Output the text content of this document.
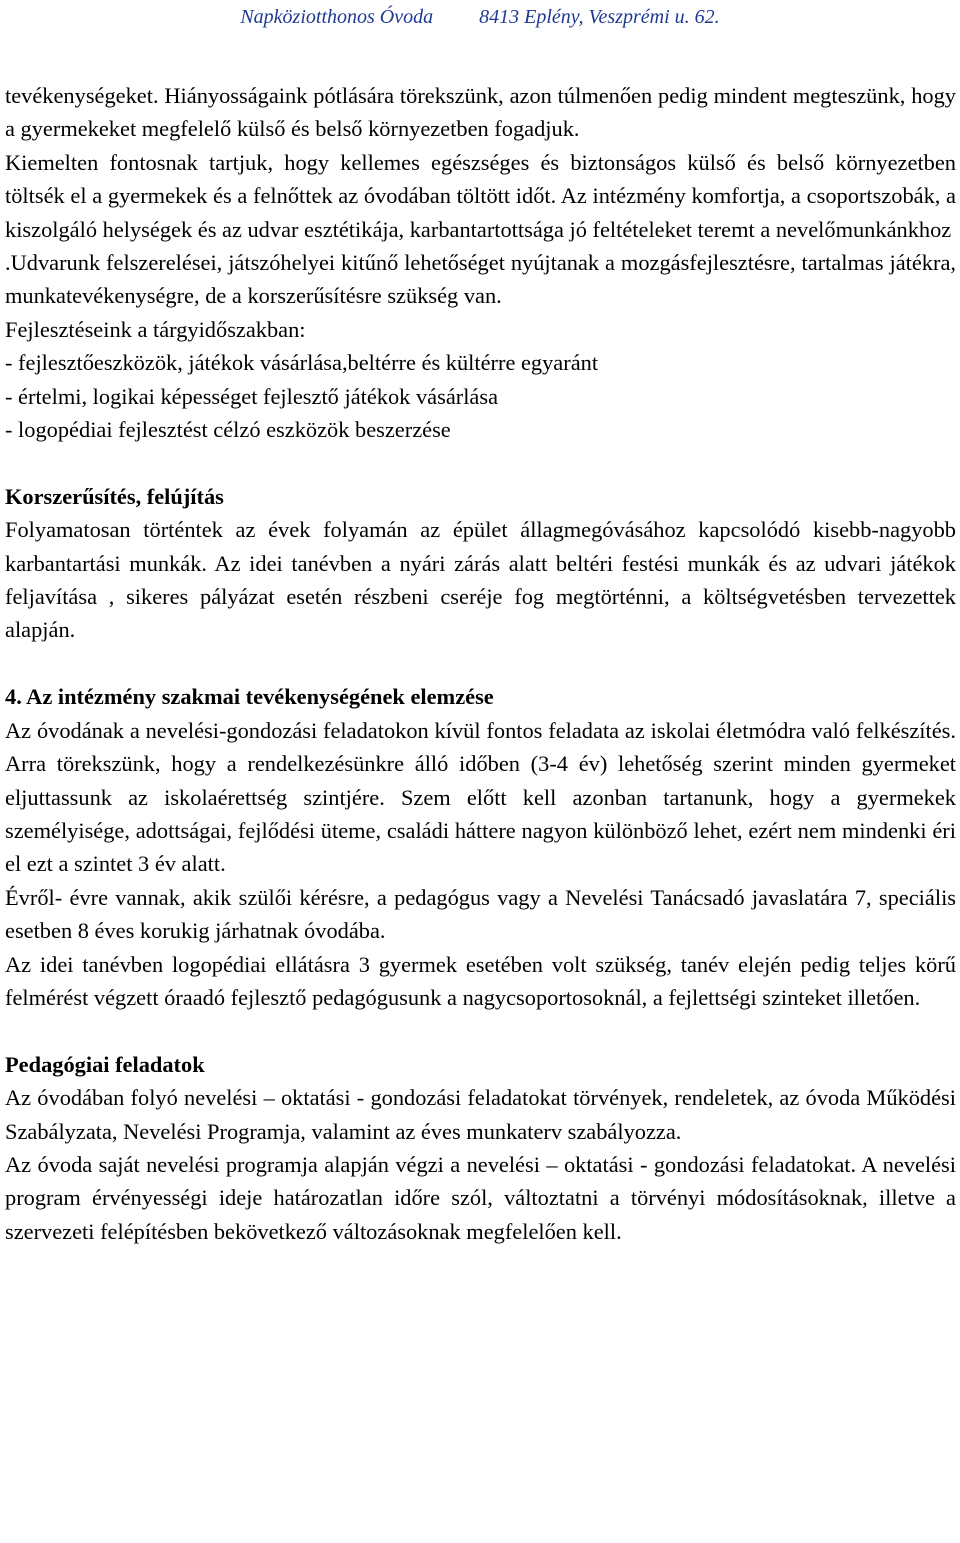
Napköziotthonos Óvoda 8413 Eplény, Veszprémi u. 62.

tevékenységeket. Hiányosságaink pótlására törekszünk, azon túlmenően pedig mindent megteszünk, hogy a gyermekeket megfelelő külső és belső környezetben fogadjuk.

Kiemelten fontosnak tartjuk, hogy kellemes egészséges és biztonságos külső és belső környezetben töltsék el a gyermekek és a felnőttek az óvodában töltött időt. Az intézmény komfortja, a csoportszobák, a kiszolgáló helységek és az udvar esztétikája, karbantartottsága jó feltételeket teremt a nevelőmunkánkhoz

.Udvarunk felszerelései, játszóhelyei kitűnő lehetőséget nyújtanak a mozgásfejlesztésre, tartalmas játékra, munkatevékenységre, de a korszerűsítésre szükség van.

Fejlesztéseink a tárgyidőszakban:

- fejlesztőeszközök, játékok vásárlása,beltérre és kültérre egyaránt

- értelmi, logikai képességet fejlesztő játékok vásárlása

- logopédiai fejlesztést célzó eszközök beszerzése

Korszerűsítés, felújítás

Folyamatosan történtek az évek folyamán az épület állagmegóvásához kapcsolódó kisebb-nagyobb karbantartási munkák. Az idei tanévben a nyári zárás alatt beltéri festési munkák és az udvari játékok feljavítása , sikeres pályázat esetén részbeni cseréje fog megtörténni, a költségvetésben tervezettek alapján.

4. Az intézmény szakmai tevékenységének elemzése

Az óvodának a nevelési-gondozási feladatokon kívül fontos feladata az iskolai életmódra való felkészítés. Arra törekszünk, hogy a rendelkezésünkre álló időben (3-4 év) lehetőség szerint minden gyermeket eljuttassunk az iskolaérettség szintjére. Szem előtt kell azonban tartanunk, hogy a gyermekek személyisége, adottságai, fejlődési üteme, családi háttere nagyon különböző lehet, ezért nem mindenki éri el ezt a szintet 3 év alatt.

Évről- évre vannak, akik szülői kérésre, a pedagógus vagy a Nevelési Tanácsadó javaslatára 7, speciális esetben 8 éves korukig járhatnak óvodába.

Az idei tanévben logopédiai ellátásra 3 gyermek esetében volt szükség, tanév elején pedig teljes körű felmérést végzett óraadó fejlesztő pedagógusunk a nagycsoportosoknál, a fejlettségi szinteket illetően.

Pedagógiai feladatok

Az óvodában folyó nevelési – oktatási - gondozási feladatokat törvények, rendeletek, az óvoda Működési Szabályzata, Nevelési Programja, valamint az éves munkaterv szabályozza.

Az óvoda saját nevelési programja alapján végzi a nevelési – oktatási - gondozási feladatokat. A nevelési program érvényességi ideje határozatlan időre szól, változtatni a törvényi módosításoknak, illetve a szervezeti felépítésben bekövetkező változásoknak megfelelően kell.
